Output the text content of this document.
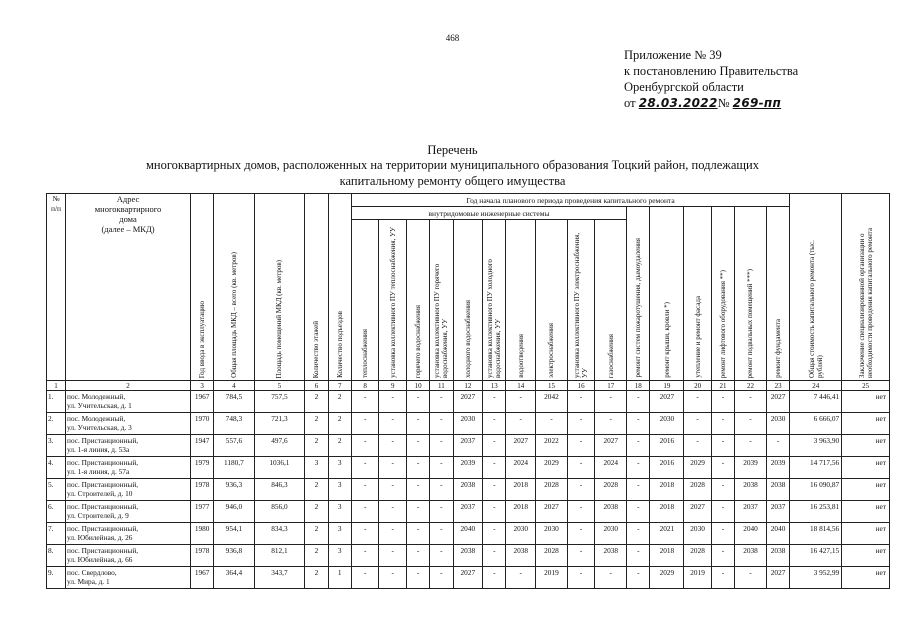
468
Приложение № 39
к постановлению Правительства
Оренбургской области
от 28.03.2022№ 269-пп
Перечень
многоквартирных домов, расположенных на территории муниципального образования Тоцкий район, подлежащих
капитальному ремонту общего имущества
№
п/п	Адрес
многоквартирного
дома
(далее – МКД)	Год ввода в эксплуатацию	Общая площадь МКД – всего (кв. метров)	Площадь помещений МКД (кв. метров)	Количество этажей	Количество подъездов	Год начала планового периода проведения капитального ремонта																Общая стоимость капитального ремонта (тыс. рублей)	Заключение специализированной организации о необходимости проведения капитального ремонта
							внутридомовые инженерные системы										ремонт систем пожаротушения, дымоудаления	ремонт крыши, кровли *)	утепление и ремонт фасада	ремонт лифтового оборудования **)	ремонт подвальных помещений ***)	ремонт фундамента		
							теплоснабжения	установка коллективного ПУ теплоснабжения, УУ	горячего водоснабжения	установка коллективного ПУ горячего водоснабжения, УУ	холодного водоснабжения	установка коллективного ПУ холодного водоснабжения, УУ	водоотведения	электроснабжения	установка коллективного ПУ электроснабжения, УУ	газоснабжения								
1	2	3	4	5	6	7	8	9	10	11	12	13	14	15	16	17	18	19	20	21	22	23	24	25
1.	пос. Молодежный,
ул. Учительская, д. 1	1967	784,5	757,5	2	2	-	-	-	-	2027	-	-	2042	-	-	-	2027	-	-	-	2027	7 446,41	нет
2.	пос. Молодежный,
ул. Учительская, д. 3	1970	748,3	721,3	2	2	-	-	-	-	2030	-	-	-	-	-	-	2030	-	-	-	2030	6 666,07	нет
3.	пос. Пристанционный,
ул. 1-я линия, д. 53а	1947	557,6	497,6	2	2	-	-	-	-	2037	-	2027	2022	-	2027	-	2016	-	-	-	-	3 963,90	нет
4.	пос. Пристанционный,
ул. 1-я линия, д. 57а	1979	1180,7	1036,1	3	3	-	-	-	-	2039	-	2024	2029	-	2024	-	2016	2029	-	2039	2039	14 717,56	нет
5.	пос. Пристанционный,
ул. Строителей, д. 10	1978	936,3	846,3	2	3	-	-	-	-	2038	-	2018	2028	-	2028	-	2018	2028	-	2038	2038	16 090,87	нет
6.	пос. Пристанционный,
ул. Строителей, д. 9	1977	946,0	856,0	2	3	-	-	-	-	2037	-	2018	2027	-	2038	-	2018	2027	-	2037	2037	16 253,81	нет
7.	пос. Пристанционный,
ул. Юбилейная, д. 26	1980	954,1	834,3	2	3	-	-	-	-	2040	-	2030	2030	-	2030	-	2021	2030	-	2040	2040	18 814,56	нет
8.	пос. Пристанционный,
ул. Юбилейная, д. 66	1978	936,8	812,1	2	3	-	-	-	-	2038	-	2038	2028	-	2038	-	2018	2028	-	2038	2038	16 427,15	нет
9.	пос. Свердлово,
ул. Мира, д. 1	1967	364,4	343,7	2	1	-	-	-	-	2027	-	-	2019	-	-	-	2029	2019	-	-	2027	3 952,99	нет
